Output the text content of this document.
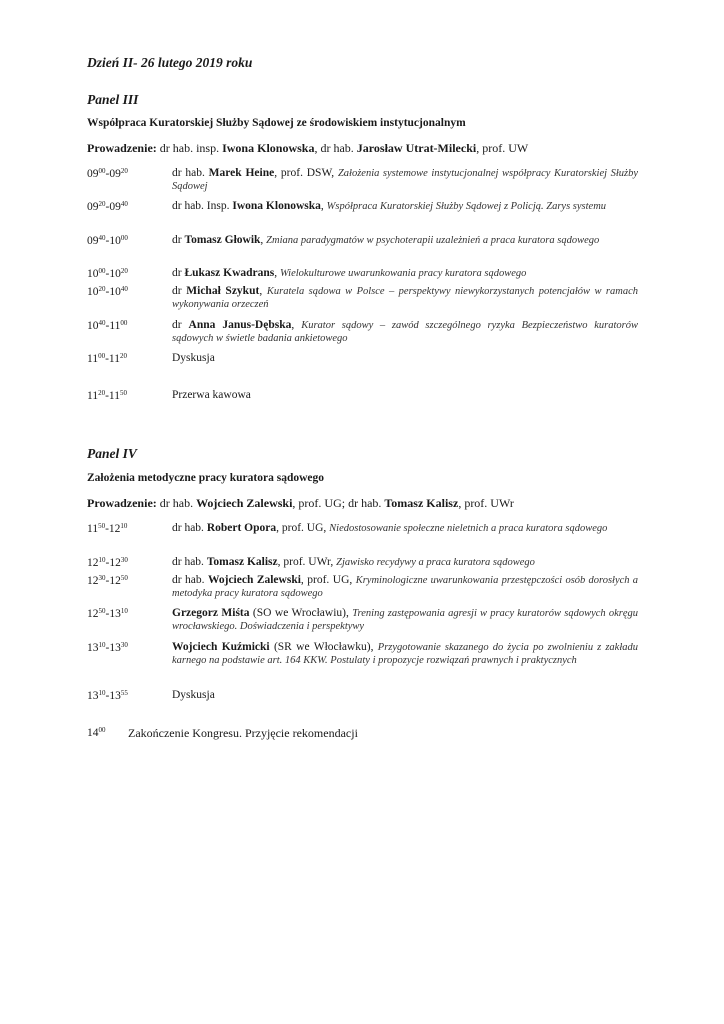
Dzień II- 26 lutego 2019 roku
Panel III
Współpraca Kuratorskiej Służby Sądowej ze środowiskiem instytucjonalnym
Prowadzenie: dr hab. insp. Iwona Klonowska, dr hab. Jarosław Utrat-Milecki, prof. UW
$09^{00}-09^{20}$	dr hab. Marek Heine, prof. DSW, Założenia systemowe instytucjonalnej współpracy Kuratorskiej Służby Sądowej
$09^{20}-09^{40}$	dr hab. Insp. Iwona Klonowska, Współpraca Kuratorskiej Służby Sądowej z Policją. Zarys systemu
$09^{40}-10^{00}$	dr Tomasz Głowik, Zmiana paradygmatów w psychoterapii uzależnień a praca kuratora sądowego
$10^{00}-10^{20}$	dr Łukasz Kwadrans, Wielokulturowe uwarunkowania pracy kuratora sądowego
$10^{20}-10^{40}$	dr Michał Szykut, Kuratela sądowa w Polsce – perspektywy niewykorzystanych potencjałów w ramach wykonywania orzeczeń
$10^{40}-11^{00}$	dr Anna Janus-Dębska, Kurator sądowy – zawód szczególnego ryzyka Bezpieczeństwo kuratorów sądowych w świetle badania ankietowego
$11^{00}-11^{20}$	Dyskusja
$11^{20}-11^{50}$	Przerwa kawowa
Panel IV
Założenia metodyczne pracy kuratora sądowego
Prowadzenie: dr hab. Wojciech Zalewski, prof. UG; dr hab. Tomasz Kalisz, prof. UWr
$11^{50}-12^{10}$	dr hab. Robert Opora, prof. UG, Niedostosowanie społeczne nieletnich a praca kuratora sądowego
$12^{10}-12^{30}$	dr hab. Tomasz Kalisz, prof. UWr, Zjawisko recydywy a praca kuratora sądowego
$12^{30}-12^{50}$	dr hab. Wojciech Zalewski, prof. UG, Kryminologiczne uwarunkowania przestępczości osób dorosłych a metodyka pracy kuratora sądowego
$12^{50}-13^{10}$	Grzegorz Miśta (SO we Wrocławiu), Trening zastępowania agresji w pracy kuratorów sądowych okręgu wrocławskiego. Doświadczenia i perspektywy
$13^{10}-13^{30}$	Wojciech Kuźmicki (SR we Włocławku), Przygotowanie skazanego do życia po zwolnieniu z zakładu karnego na podstawie art. 164 KKW. Postulaty i propozycje rozwiązań prawnych i praktycznych
$13^{10}-13^{55}$	Dyskusja
$14^{00}$ Zakończenie Kongresu. Przyjęcie rekomendacji
